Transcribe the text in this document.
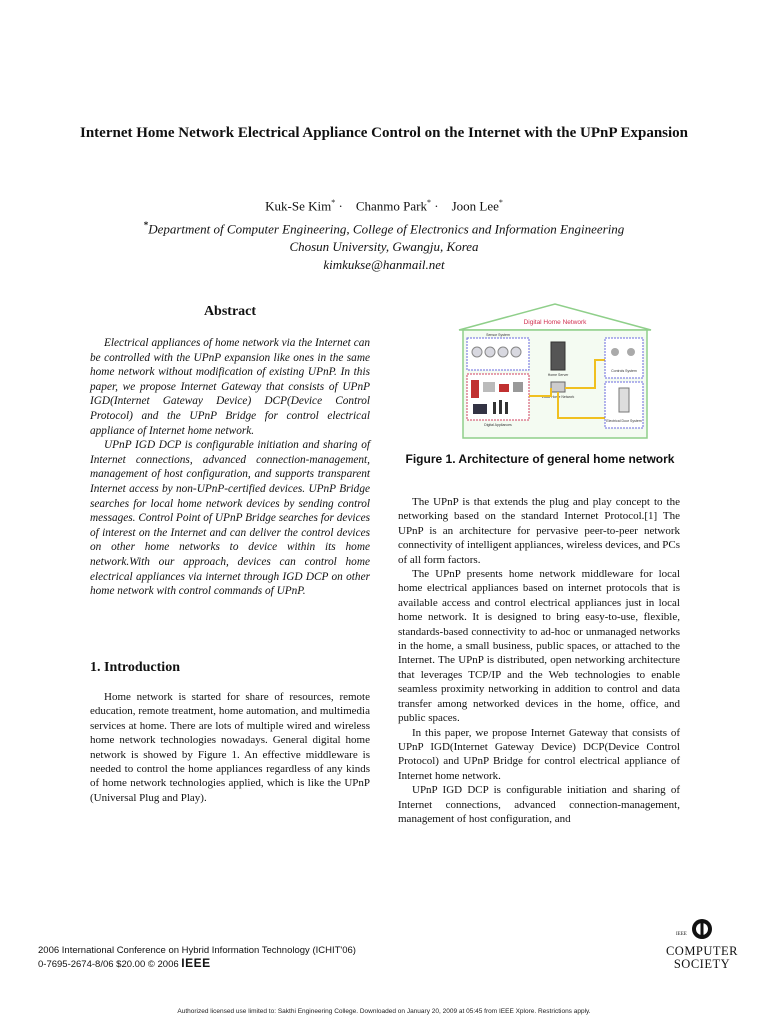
Internet Home Network Electrical Appliance Control on the Internet with the UPnP Expansion
Kuk-Se Kim* · Chanmo Park* · Joon Lee*
*Department of Computer Engineering, College of Electronics and Information Engineering
Chosun University, Gwangju, Korea
kimkukse@hanmail.net
Abstract

Electrical appliances of home network via the Internet can be controlled with the UPnP expansion like ones in the same home network without modification of existing UPnP. In this paper, we propose Internet Gateway that consists of UPnP IGD(Internet Gateway Device) DCP(Device Control Protocol) and the UPnP Bridge for control electrical appliance of Internet home network.

UPnP IGD DCP is configurable initiation and sharing of Internet connections, advanced connection-management, management of host configuration, and supports transparent Internet access by non-UPnP-certified devices. UPnP Bridge searches for local home network devices by sending control messages. Control Point of UPnP Bridge searches for devices of interest on the Internet and can deliver the control devices on other home networks to device within its home network.With our approach, devices can control home electrical appliances via internet through IGD DCP on other home network with control commands of UPnP.

1. Introduction

Home network is started for share of resources, remote education, remote treatment, home automation, and multimedia services at home. There are lots of multiple wired and wireless home network technologies nowadays. General digital home network is showed by Figure 1. An effective middleware is needed to control the home appliances regardless of any kinds of home network technologies applied, which is like the UPnP (Universal Plug and Play).

Digital Home Network
Sensor System
Digital Appliances
Home Server
Local Home Network
Controls System
Electrical Door System
Figure 1. Architecture of general home network

The UPnP is that extends the plug and play concept to the networking based on the standard Internet Protocol.[1] The UPnP is an architecture for pervasive peer-to-peer network connectivity of intelligent appliances, wireless devices, and PCs of all form factors.

The UPnP presents home network middleware for local home electrical appliances based on internet protocols that is available access and control electrical appliances just in local home network. It is designed to bring easy-to-use, flexible, standards-based connectivity to ad-hoc or unmanaged networks in the home, a small business, public spaces, or attached to the Internet. The UPnP is distributed, open networking architecture that leverages TCP/IP and the Web technologies to enable seamless proximity networking in addition to control and data transfer among networked devices in the home, office, and public spaces.

In this paper, we propose Internet Gateway that consists of UPnP IGD(Internet Gateway Device) DCP(Device Control Protocol) and UPnP Bridge for control electrical appliance of Internet home network.

UPnP IGD DCP is configurable initiation and sharing of Internet connections, advanced connection-management, management of host configuration, and

2006 International Conference on Hybrid Information Technology (ICHIT'06)
0-7695-2674-8/06 $20.00 © 2006 IEEE
IEEE
COMPUTER
SOCIETY
Authorized licensed use limited to: Sakthi Engineering College. Downloaded on January 20, 2009 at 05:45 from IEEE Xplore. Restrictions apply.
